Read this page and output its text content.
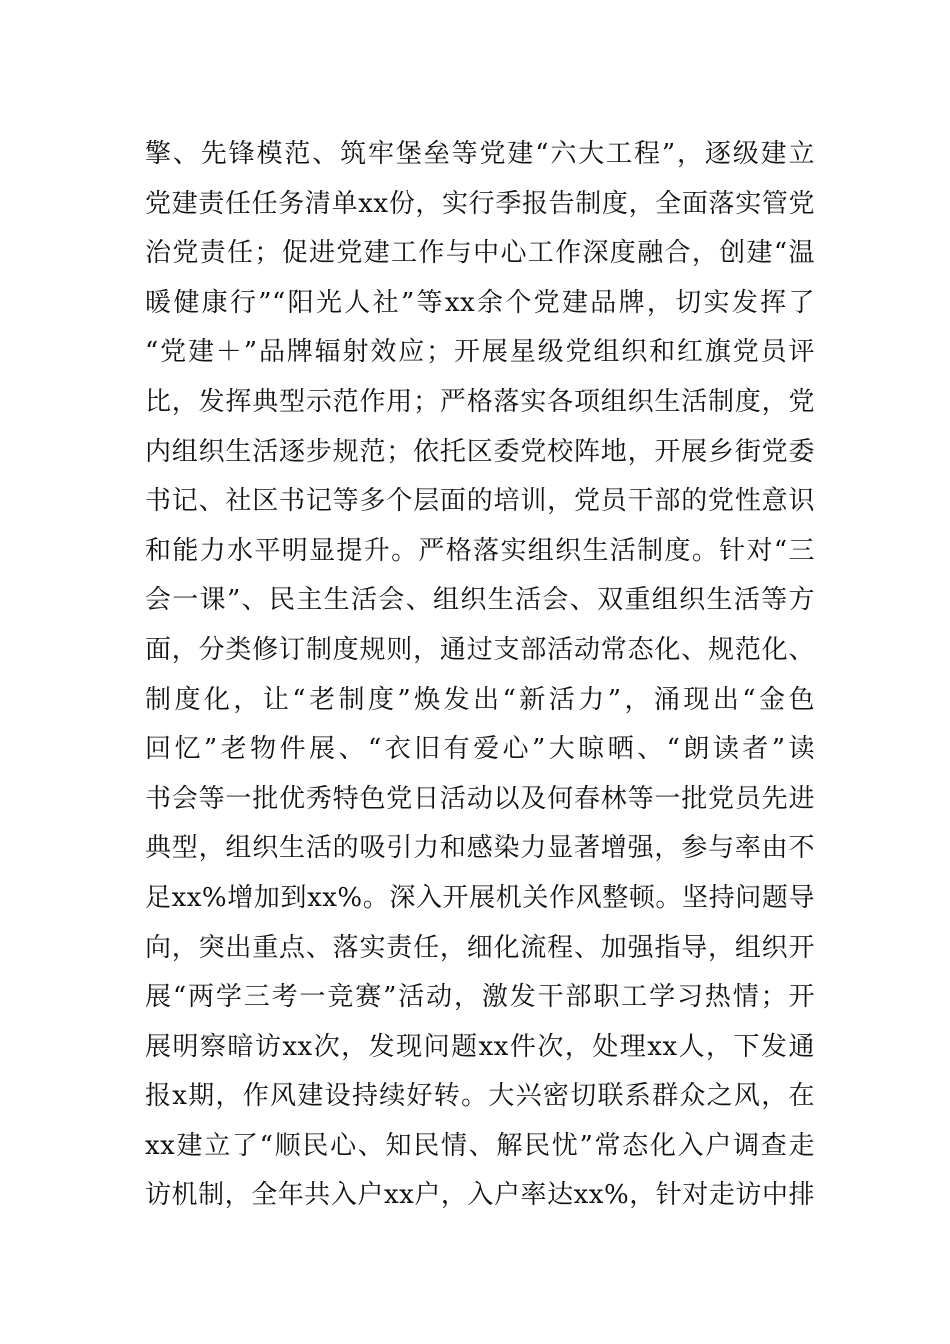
擎、先锋模范、筑牢堡垒等党建“六大工程”，逐级建立
党建责任任务清单xx份，实行季报告制度，全面落实管党
治党责任；促进党建工作与中心工作深度融合，创建“温
暖健康行”“阳光人社”等xx余个党建品牌，切实发挥了
“党建＋”品牌辐射效应；开展星级党组织和红旗党员评
比，发挥典型示范作用；严格落实各项组织生活制度，党
内组织生活逐步规范；依托区委党校阵地，开展乡街党委
书记、社区书记等多个层面的培训，党员干部的党性意识
和能力水平明显提升。严格落实组织生活制度。针对“三
会一课”、民主生活会、组织生活会、双重组织生活等方
面，分类修订制度规则，通过支部活动常态化、规范化、
制度化，让“老制度”焕发出“新活力”，涌现出“金色
回忆”老物件展、“衣旧有爱心”大晾晒、“朗读者”读
书会等一批优秀特色党日活动以及何春林等一批党员先进
典型，组织生活的吸引力和感染力显著增强，参与率由不
足xx%增加到xx%。深入开展机关作风整顿。坚持问题导
向，突出重点、落实责任，细化流程、加强指导，组织开
展“两学三考一竞赛”活动，激发干部职工学习热情；开
展明察暗访xx次，发现问题xx件次，处理xx人，下发通
报x期，作风建设持续好转。大兴密切联系群众之风，在
xx建立了“顺民心、知民情、解民忧”常态化入户调查走
访机制，全年共入户xx户，入户率达xx%，针对走访中排
